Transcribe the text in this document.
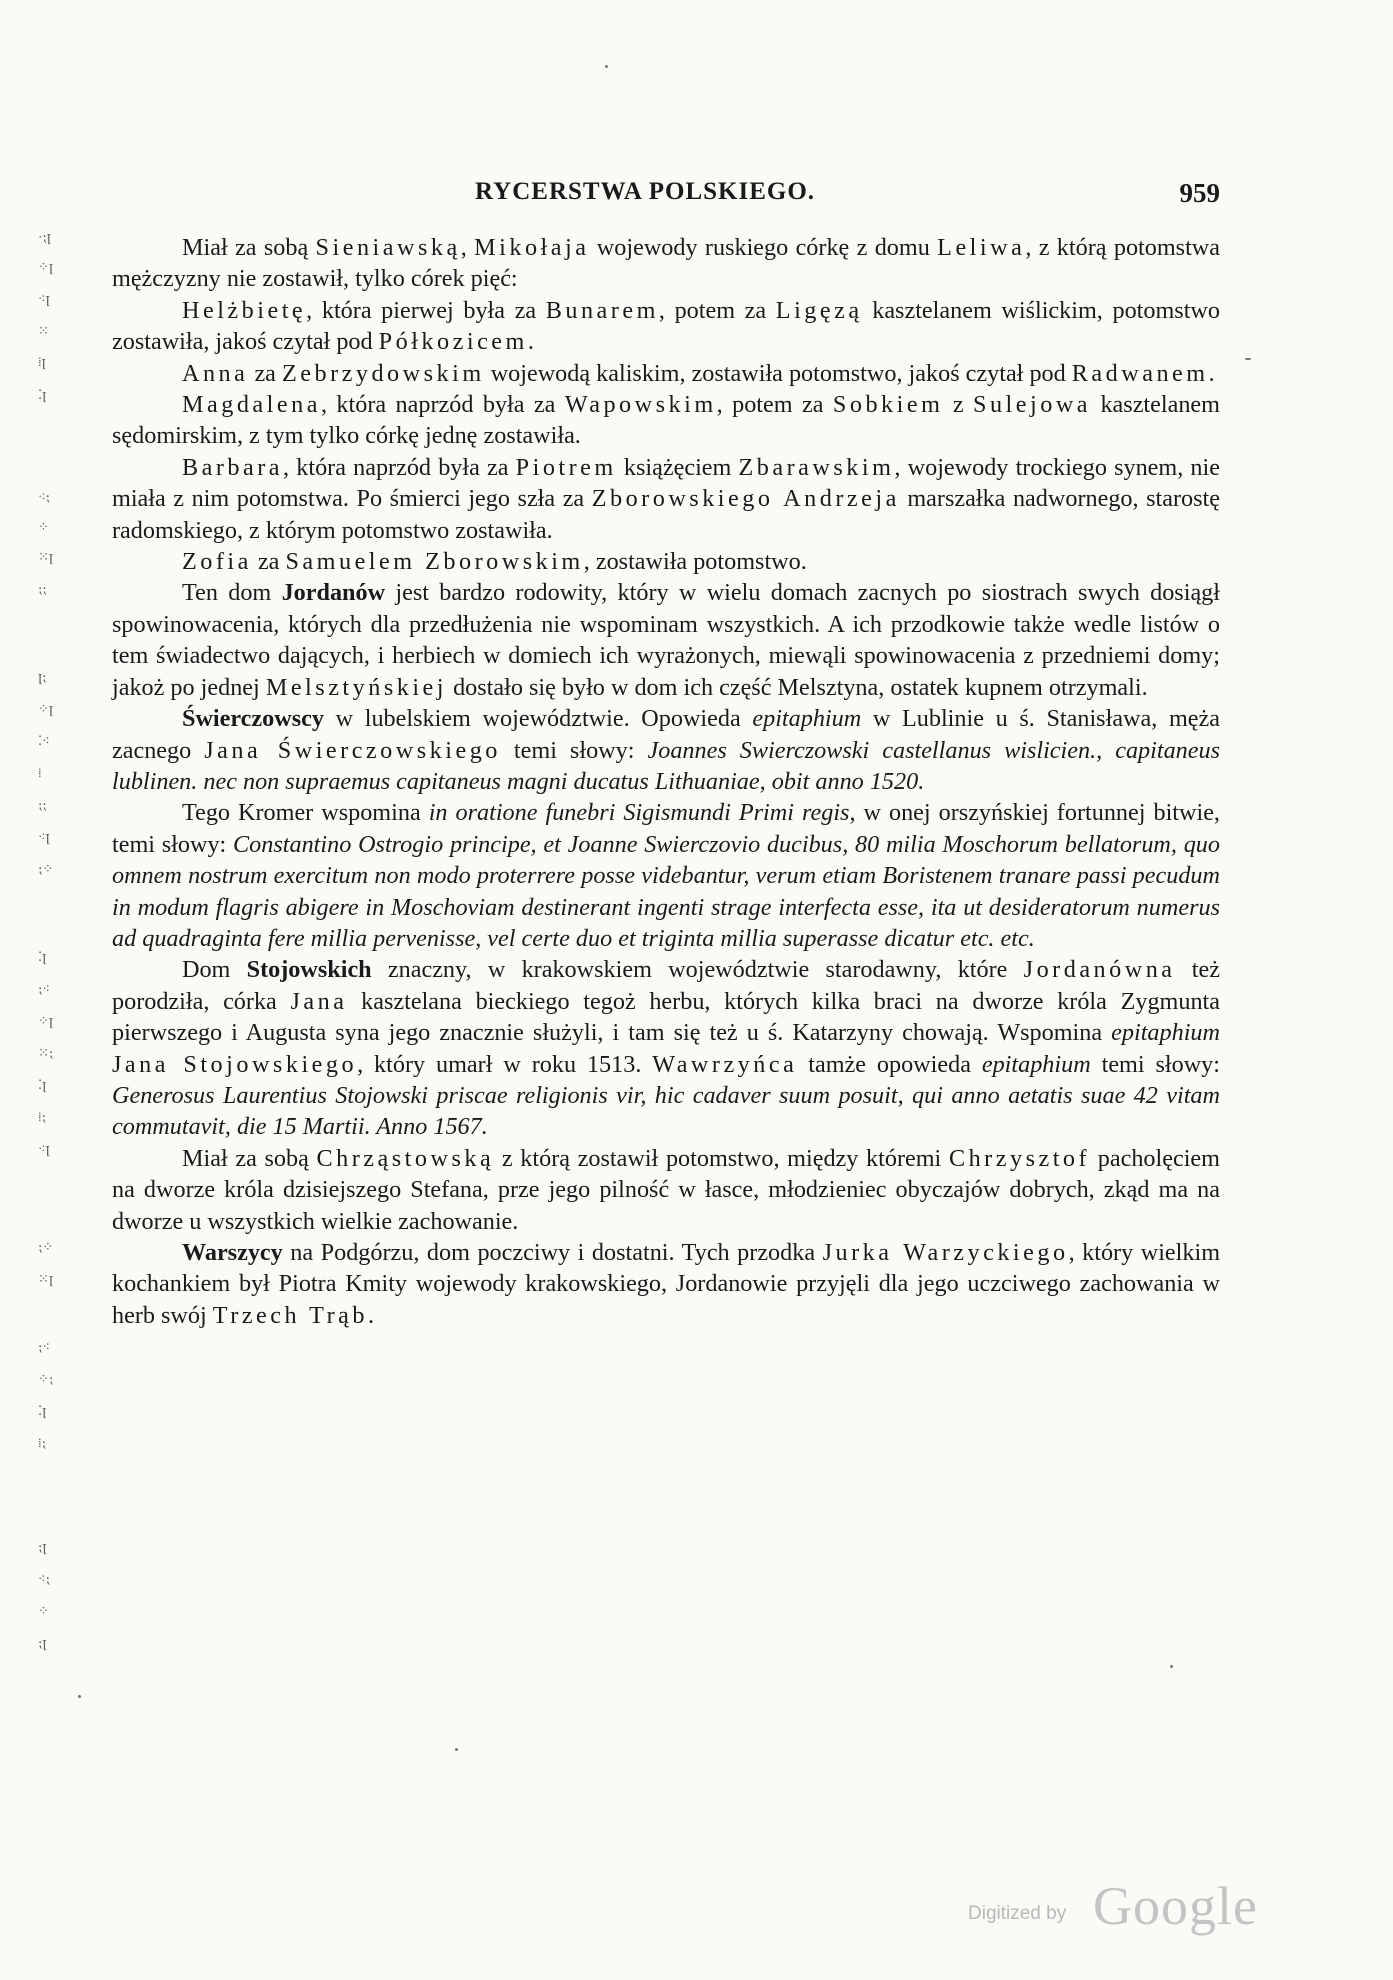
RYCERSTWA POLSKIEGO.	959
·⁏ꞁ
⁘ꞁ
⁖ꞁ
⁙
⁞ꞁ
⁚ꞁ
⁖⁏
⁘
⁙ꞁ
⁏⁏
ꞁ⁏
⁘ꞁ
⁚⁖
⁞
⁏⁏
⁖ꞁ
⁏⁘
⁚ꞁ
⁏⁖
⁘ꞁ
⁙⁏
⁚ꞁ
⁞⁏
⁖ꞁ
⁏⁘
⁙ꞁ
⁏⁖
⁘⁏
⁚ꞁ
⁞⁏
⁏ꞁ
⁖⁏
⁘
⁏ꞁ

Miał za sobą Sieniawską, Mikołaja wojewody ruskiego córkę z domu Leliwa, z którą potomstwa mężczyzny nie zostawił, tylko córek pięć:

Helżbietę, która pierwej była za Bunarem, potem za Ligęzą kasztelanem wiślickim, potomstwo zostawiła, jakoś czytał pod Półkozicem.

Anna za Zebrzydowskim wojewodą kaliskim, zostawiła potomstwo, jakoś czytał pod Radwanem.

Magdalena, która naprzód była za Wapowskim, potem za Sobkiem z Sulejowa kasztelanem sędomirskim, z tym tylko córkę jednę zostawiła.

Barbara, która naprzód była za Piotrem książęciem Zbarawskim, wojewody trockiego synem, nie miała z nim potomstwa. Po śmierci jego szła za Zborowskiego Andrzeja marszałka nadwornego, starostę radomskiego, z którym potomstwo zostawiła.

Zofia za Samuelem Zborowskim, zostawiła potomstwo.

Ten dom Jordanów jest bardzo rodowity, który w wielu domach zacnych po siostrach swych dosiągł spowinowacenia, których dla przedłużenia nie wspominam wszystkich. A ich przodkowie także wedle listów o tem świadectwo dających, i herbiech w domiech ich wyrażonych, miewąli spowinowacenia z przedniemi domy; jakoż po jednej Melsztyńskiej dostało się było w dom ich część Melsztyna, ostatek kupnem otrzymali.

Świerczowscy w lubelskiem województwie. Opowieda epitaphium w Lublinie u ś. Stanisława, męża zacnego Jana Świerczowskiego temi słowy: Joannes Swierczowski castellanus wislicien., capitaneus lublinen. nec non supraemus capitaneus magni ducatus Lithuaniae, obit anno 1520.

Tego Kromer wspomina in oratione funebri Sigismundi Primi regis, w onej orszyńskiej fortunnej bitwie, temi słowy: Constantino Ostrogio principe, et Joanne Swierczovio ducibus, 80 milia Moschorum bellatorum, quo omnem nostrum exercitum non modo proterrere posse videbantur, verum etiam Boristenem tranare passi pecudum in modum flagris abigere in Moschoviam destinerant ingenti strage interfecta esse, ita ut desideratorum numerus ad quadraginta fere millia pervenisse, vel certe duo et triginta millia superasse dicatur etc. etc.

Dom Stojowskich znaczny, w krakowskiem województwie starodawny, które Jordanówna też porodziła, córka Jana kasztelana bieckiego tegoż herbu, których kilka braci na dworze króla Zygmunta pierwszego i Augusta syna jego znacznie służyli, i tam się też u ś. Katarzyny chowają. Wspomina epitaphium Jana Stojowskiego, który umarł w roku 1513. Wawrzyńca tamże opowieda epitaphium temi słowy: Generosus Laurentius Stojowski priscae religionis vir, hic cadaver suum posuit, qui anno aetatis suae 42 vitam commutavit, die 15 Martii. Anno 1567.

Miał za sobą Chrząstowską z którą zostawił potomstwo, między któremi Chrzysztof pacholęciem na dworze króla dzisiejszego Stefana, prze jego pilność w łasce, młodzieniec obyczajów dobrych, zkąd ma na dworze u wszystkich wielkie zachowanie.

Warszycy na Podgórzu, dom poczciwy i dostatni. Tych przodka Jurka Warzyckiego, który wielkim kochankiem był Piotra Kmity wojewody krakowskiego, Jordanowie przyjęli dla jego uczciwego zachowania w herb swój Trzech Trąb.

Digitized by Google
